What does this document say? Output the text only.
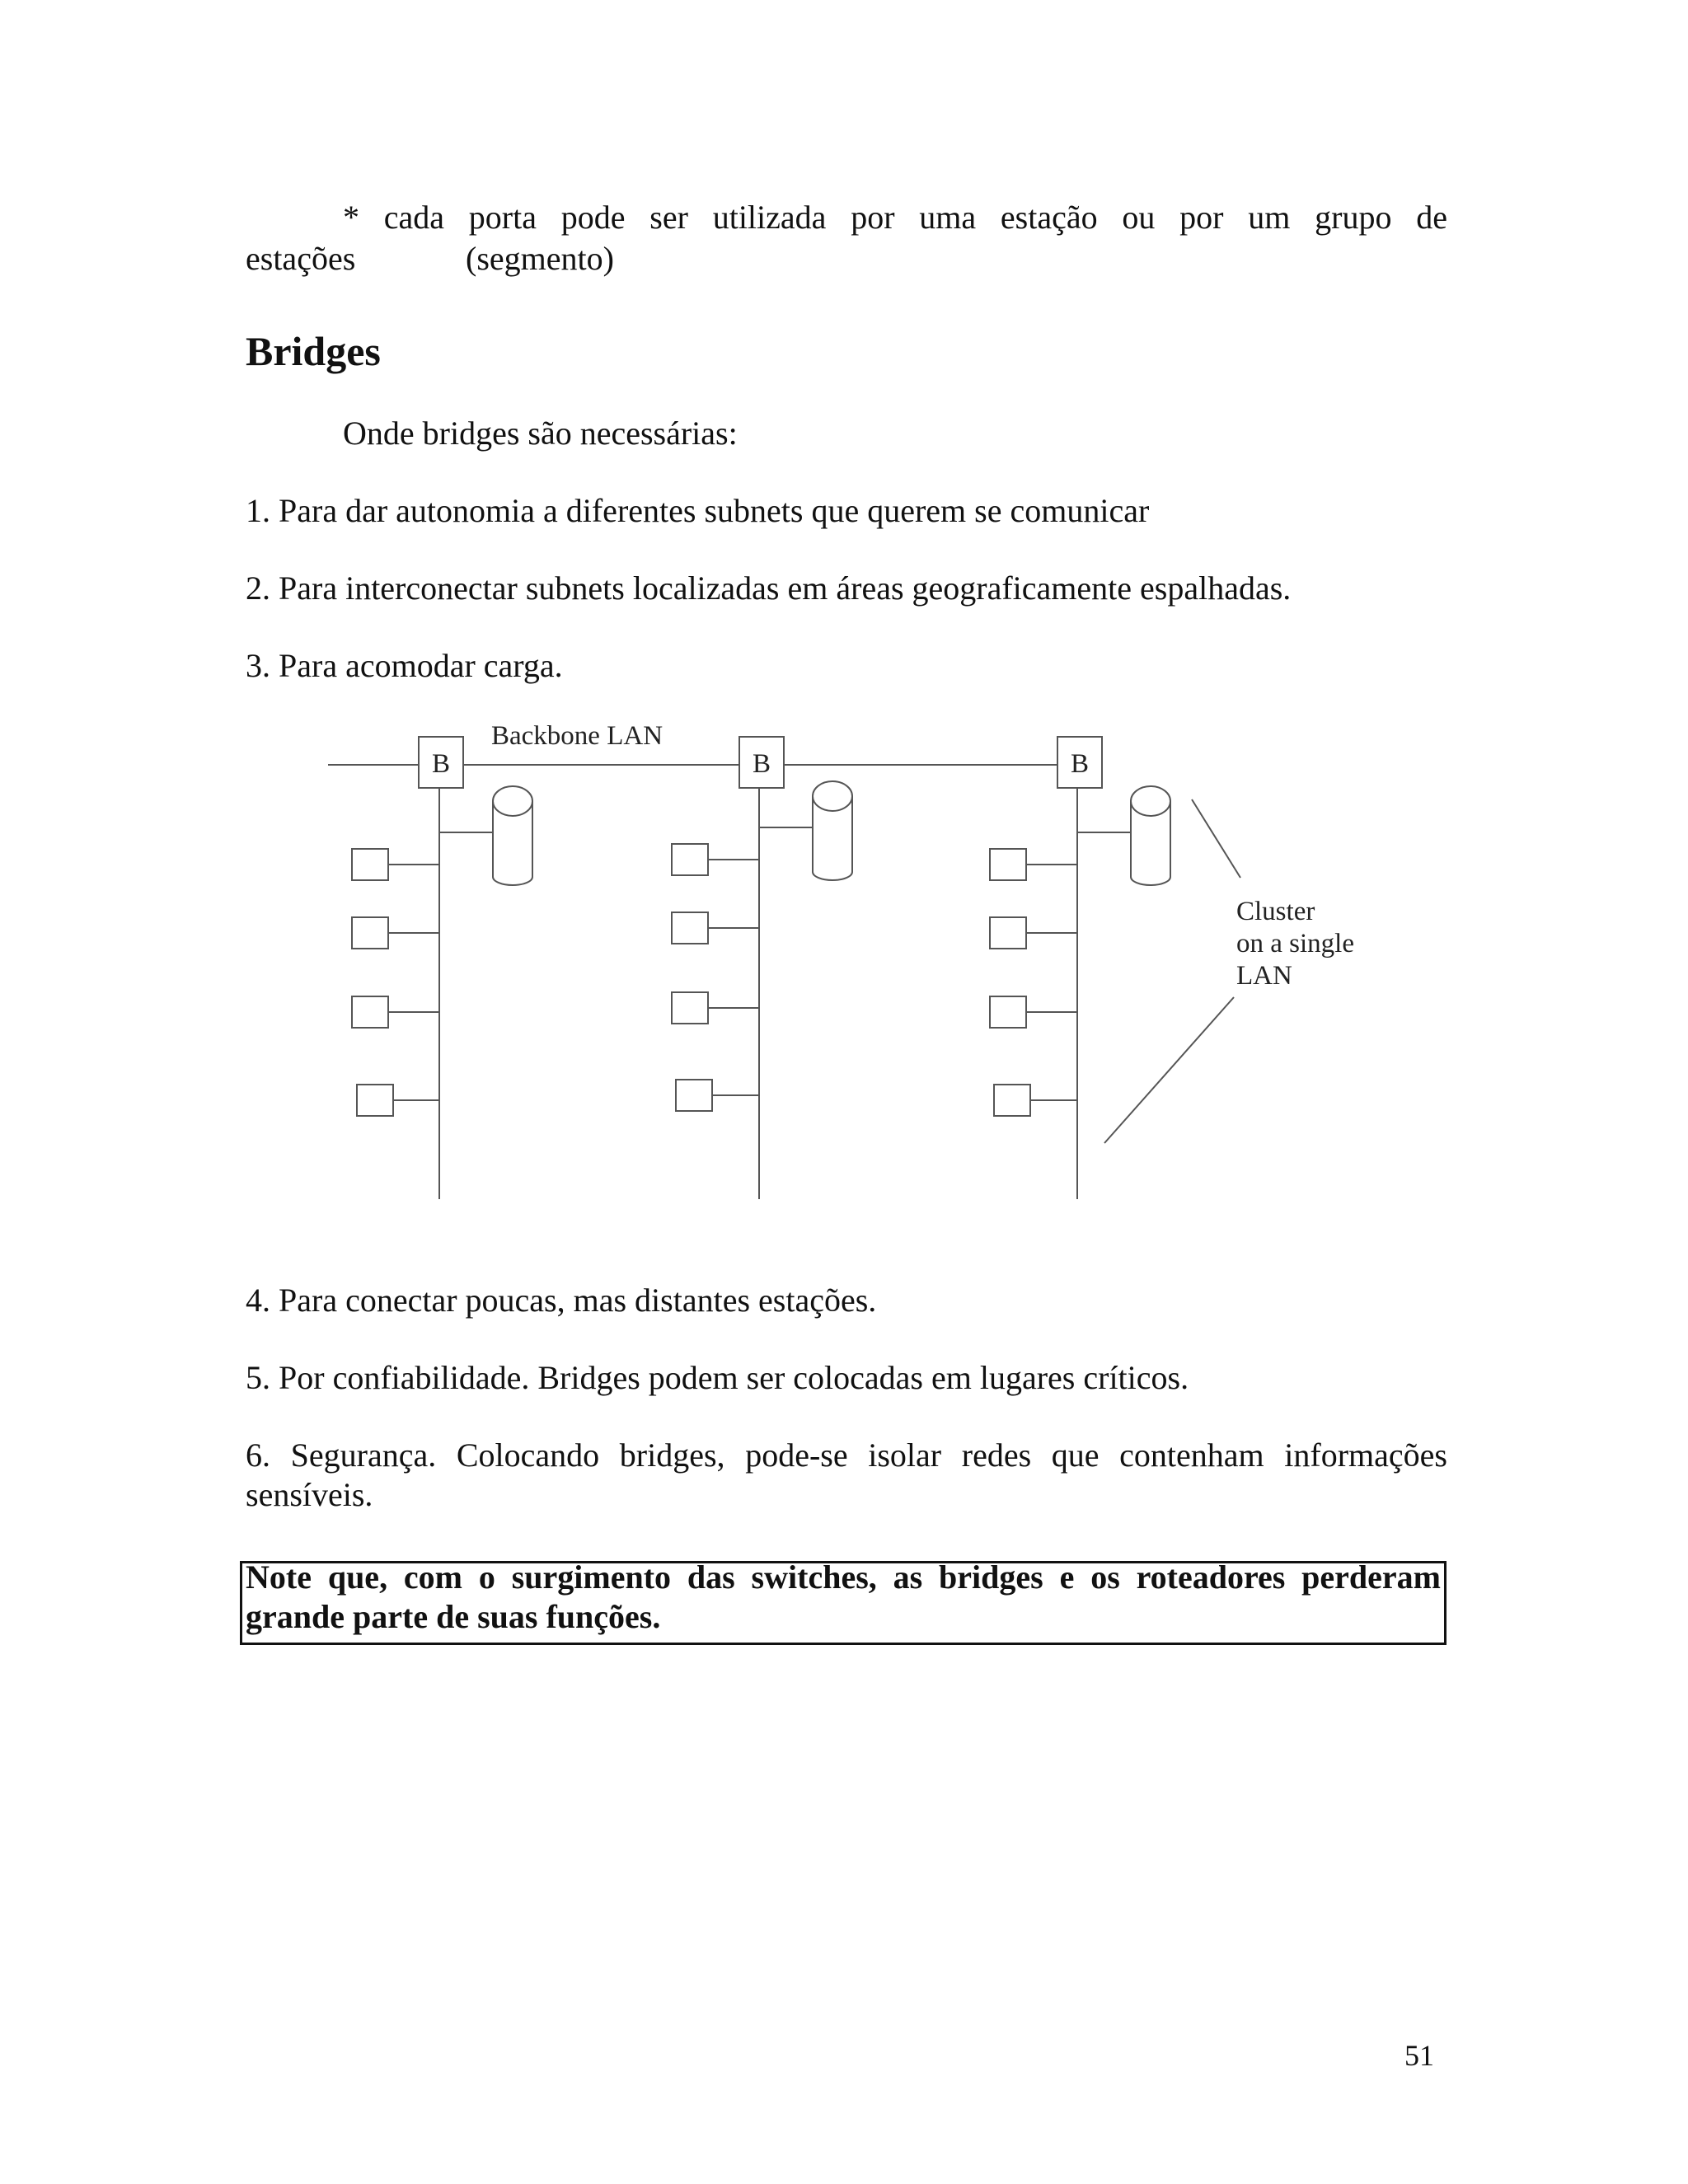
* cada porta pode ser utilizada por uma estação ou por um grupo de

estações	(segmento)

Bridges

Onde bridges são necessárias:

1. Para dar autonomia a diferentes subnets que querem se comunicar

2. Para interconectar subnets localizadas em áreas geograficamente espalhadas.

3. Para acomodar carga.

Backbone LAN
B	B	B
Cluster
on a single
LAN

4. Para conectar poucas, mas distantes estações.

5. Por confiabilidade. Bridges podem ser colocadas em lugares críticos.

6. Segurança. Colocando bridges, pode-se isolar redes que contenham informações

sensíveis.

Note que, com o surgimento das switches, as bridges e os roteadores perderam
grande parte de suas funções.

51
